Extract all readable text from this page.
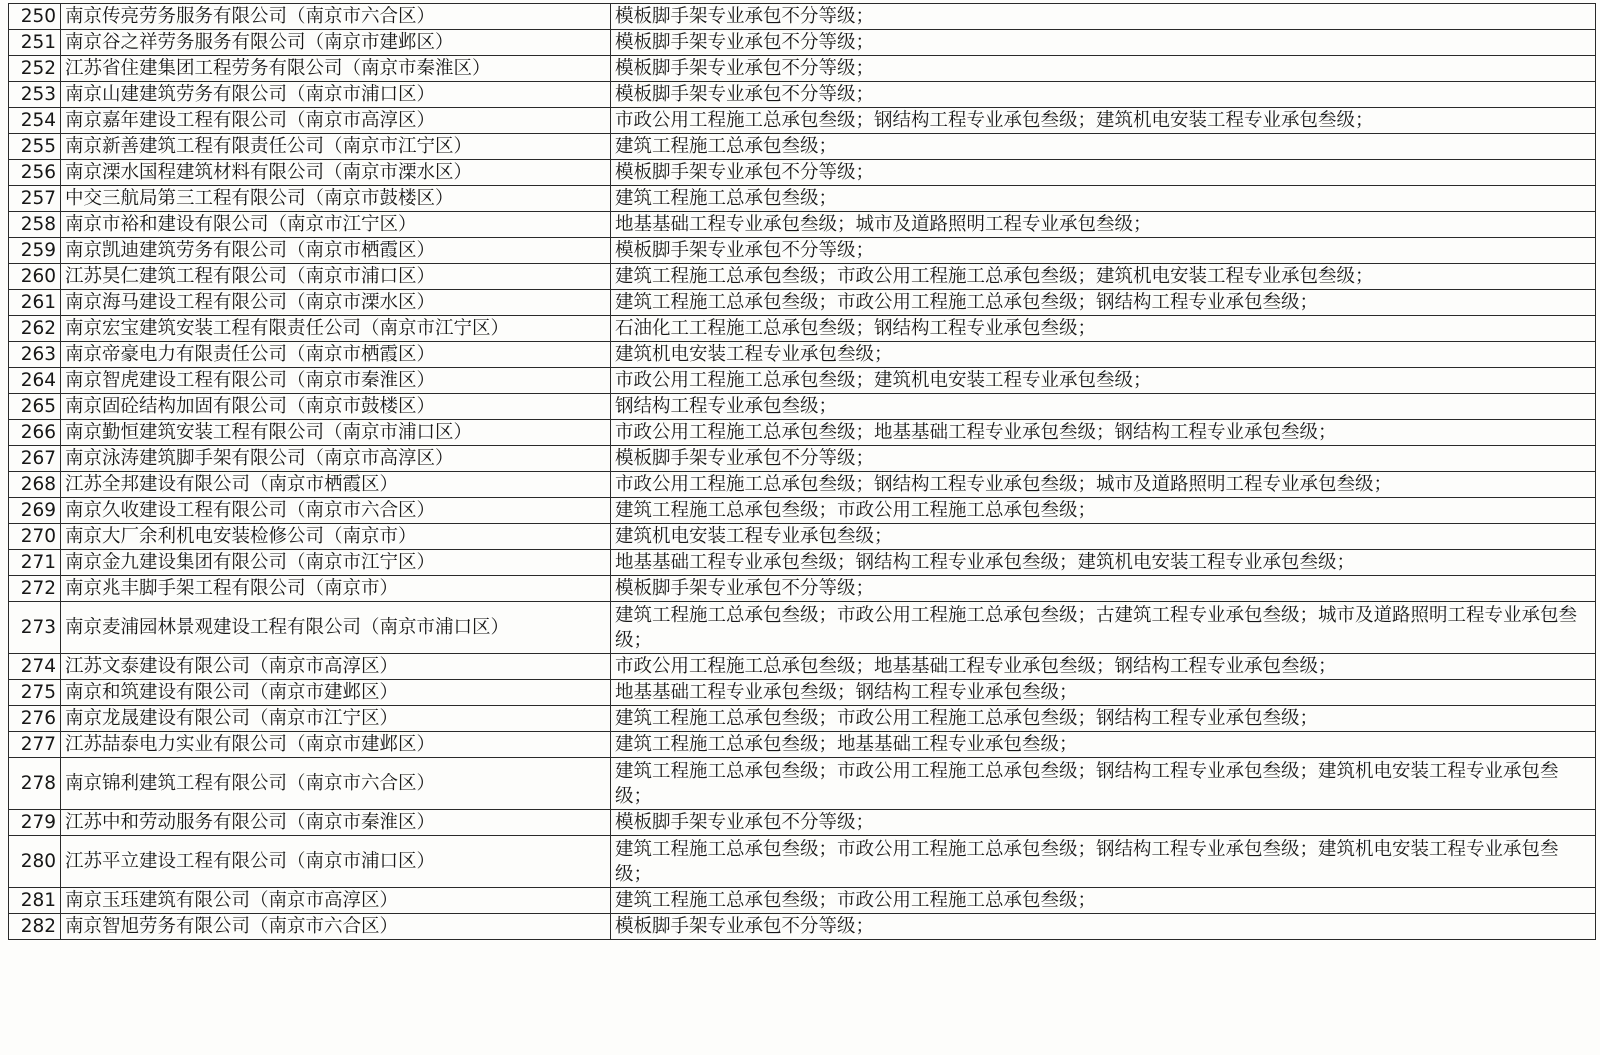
250	南京传亮劳务服务有限公司（南京市六合区）	模板脚手架专业承包不分等级；
251	南京谷之祥劳务服务有限公司（南京市建邺区）	模板脚手架专业承包不分等级；
252	江苏省住建集团工程劳务有限公司（南京市秦淮区）	模板脚手架专业承包不分等级；
253	南京山建建筑劳务有限公司（南京市浦口区）	模板脚手架专业承包不分等级；
254	南京嘉年建设工程有限公司（南京市高淳区）	市政公用工程施工总承包叁级；钢结构工程专业承包叁级；建筑机电安装工程专业承包叁级；
255	南京新善建筑工程有限责任公司（南京市江宁区）	建筑工程施工总承包叁级；
256	南京溧水国程建筑材料有限公司（南京市溧水区）	模板脚手架专业承包不分等级；
257	中交三航局第三工程有限公司（南京市鼓楼区）	建筑工程施工总承包叁级；
258	南京市裕和建设有限公司（南京市江宁区）	地基基础工程专业承包叁级；城市及道路照明工程专业承包叁级；
259	南京凯迪建筑劳务有限公司（南京市栖霞区）	模板脚手架专业承包不分等级；
260	江苏昊仁建筑工程有限公司（南京市浦口区）	建筑工程施工总承包叁级；市政公用工程施工总承包叁级；建筑机电安装工程专业承包叁级；
261	南京海马建设工程有限公司（南京市溧水区）	建筑工程施工总承包叁级；市政公用工程施工总承包叁级；钢结构工程专业承包叁级；
262	南京宏宝建筑安装工程有限责任公司（南京市江宁区）	石油化工工程施工总承包叁级；钢结构工程专业承包叁级；
263	南京帝豪电力有限责任公司（南京市栖霞区）	建筑机电安装工程专业承包叁级；
264	南京智虎建设工程有限公司（南京市秦淮区）	市政公用工程施工总承包叁级；建筑机电安装工程专业承包叁级；
265	南京固砼结构加固有限公司（南京市鼓楼区）	钢结构工程专业承包叁级；
266	南京勤恒建筑安装工程有限公司（南京市浦口区）	市政公用工程施工总承包叁级；地基基础工程专业承包叁级；钢结构工程专业承包叁级；
267	南京泳涛建筑脚手架有限公司（南京市高淳区）	模板脚手架专业承包不分等级；
268	江苏全邦建设有限公司（南京市栖霞区）	市政公用工程施工总承包叁级；钢结构工程专业承包叁级；城市及道路照明工程专业承包叁级；
269	南京久收建设工程有限公司（南京市六合区）	建筑工程施工总承包叁级；市政公用工程施工总承包叁级；
270	南京大厂余利机电安装检修公司（南京市）	建筑机电安装工程专业承包叁级；
271	南京金九建设集团有限公司（南京市江宁区）	地基基础工程专业承包叁级；钢结构工程专业承包叁级；建筑机电安装工程专业承包叁级；
272	南京兆丰脚手架工程有限公司（南京市）	模板脚手架专业承包不分等级；
273	南京麦浦园林景观建设工程有限公司（南京市浦口区）	建筑工程施工总承包叁级；市政公用工程施工总承包叁级；古建筑工程专业承包叁级；城市及道路照明工程专业承包叁级；
274	江苏文泰建设有限公司（南京市高淳区）	市政公用工程施工总承包叁级；地基基础工程专业承包叁级；钢结构工程专业承包叁级；
275	南京和筑建设有限公司（南京市建邺区）	地基基础工程专业承包叁级；钢结构工程专业承包叁级；
276	南京龙晟建设有限公司（南京市江宁区）	建筑工程施工总承包叁级；市政公用工程施工总承包叁级；钢结构工程专业承包叁级；
277	江苏喆泰电力实业有限公司（南京市建邺区）	建筑工程施工总承包叁级；地基基础工程专业承包叁级；
278	南京锦利建筑工程有限公司（南京市六合区）	建筑工程施工总承包叁级；市政公用工程施工总承包叁级；钢结构工程专业承包叁级；建筑机电安装工程专业承包叁级；
279	江苏中和劳动服务有限公司（南京市秦淮区）	模板脚手架专业承包不分等级；
280	江苏平立建设工程有限公司（南京市浦口区）	建筑工程施工总承包叁级；市政公用工程施工总承包叁级；钢结构工程专业承包叁级；建筑机电安装工程专业承包叁级；
281	南京玉珏建筑有限公司（南京市高淳区）	建筑工程施工总承包叁级；市政公用工程施工总承包叁级；
282	南京智旭劳务有限公司（南京市六合区）	模板脚手架专业承包不分等级；
